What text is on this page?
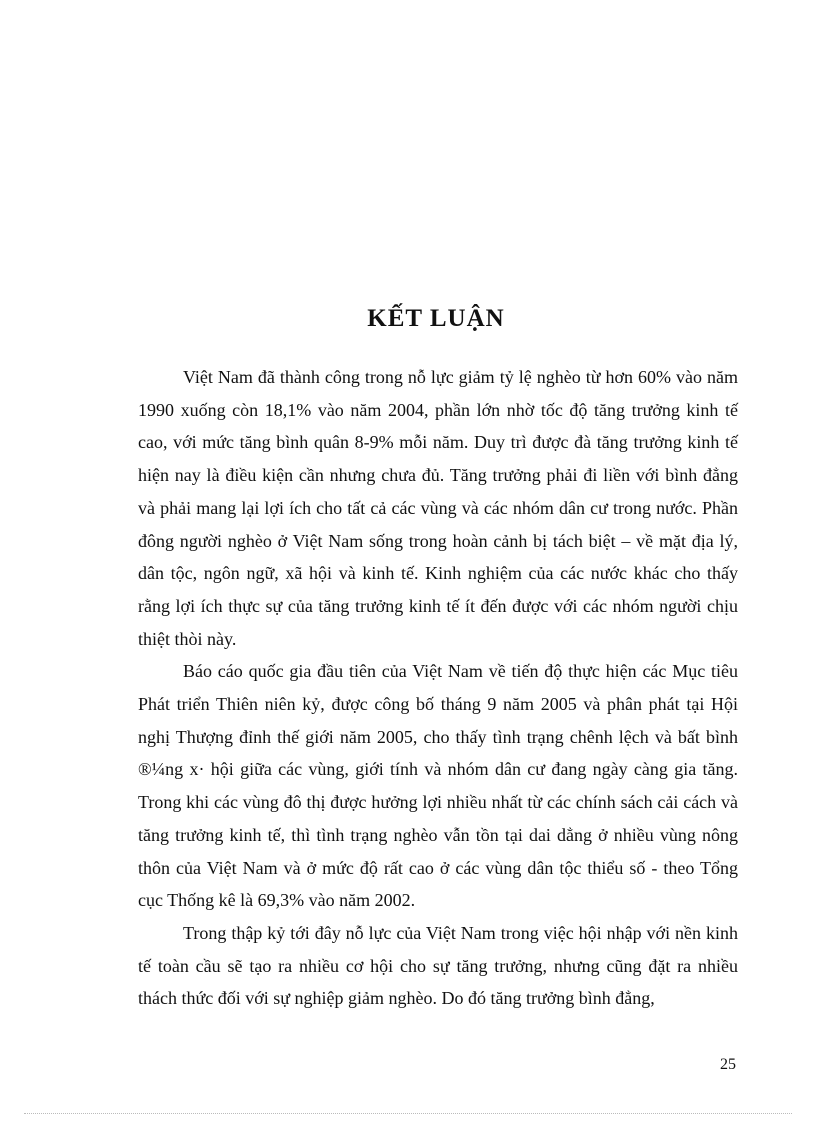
KẾT LUẬN

Việt Nam đã thành công trong nỗ lực giảm tỷ lệ nghèo từ hơn 60% vào năm 1990 xuống còn 18,1% vào năm 2004, phần lớn nhờ tốc độ tăng trưởng kinh tế cao, với mức tăng bình quân 8-9% mỗi năm. Duy trì được đà tăng trưởng kinh tế hiện nay là điều kiện cần nhưng chưa đủ. Tăng trưởng phải đi liền với bình đẳng và phải mang lại lợi ích cho tất cả các vùng và các nhóm dân cư trong nước. Phần đông người nghèo ở Việt Nam sống trong hoàn cảnh bị tách biệt – về mặt địa lý, dân tộc, ngôn ngữ, xã hội và kinh tế. Kinh nghiệm của các nước khác cho thấy rằng lợi ích thực sự của tăng trưởng kinh tế ít đến được với các nhóm người chịu thiệt thòi này.

Báo cáo quốc gia đầu tiên của Việt Nam về tiến độ thực hiện các Mục tiêu Phát triển Thiên niên kỷ, được công bố tháng 9 năm 2005 và phân phát tại Hội nghị Thượng đỉnh thế giới năm 2005, cho thấy tình trạng chênh lệch và bất bình ®¼ng x· hội giữa các vùng, giới tính và nhóm dân cư đang ngày càng gia tăng. Trong khi các vùng đô thị được hưởng lợi nhiều nhất từ các chính sách cải cách và tăng trưởng kinh tế, thì tình trạng nghèo vẫn tồn tại dai dẳng ở nhiều vùng nông thôn của Việt Nam và ở mức độ rất cao ở các vùng dân tộc thiểu số - theo Tổng cục Thống kê là 69,3% vào năm 2002.

Trong thập kỷ tới đây nỗ lực của Việt Nam trong việc hội nhập với nền kinh tế toàn cầu sẽ tạo ra nhiều cơ hội cho sự tăng trưởng, nhưng cũng đặt ra nhiều thách thức đối với sự nghiệp giảm nghèo. Do đó tăng trưởng bình đẳng,

25
